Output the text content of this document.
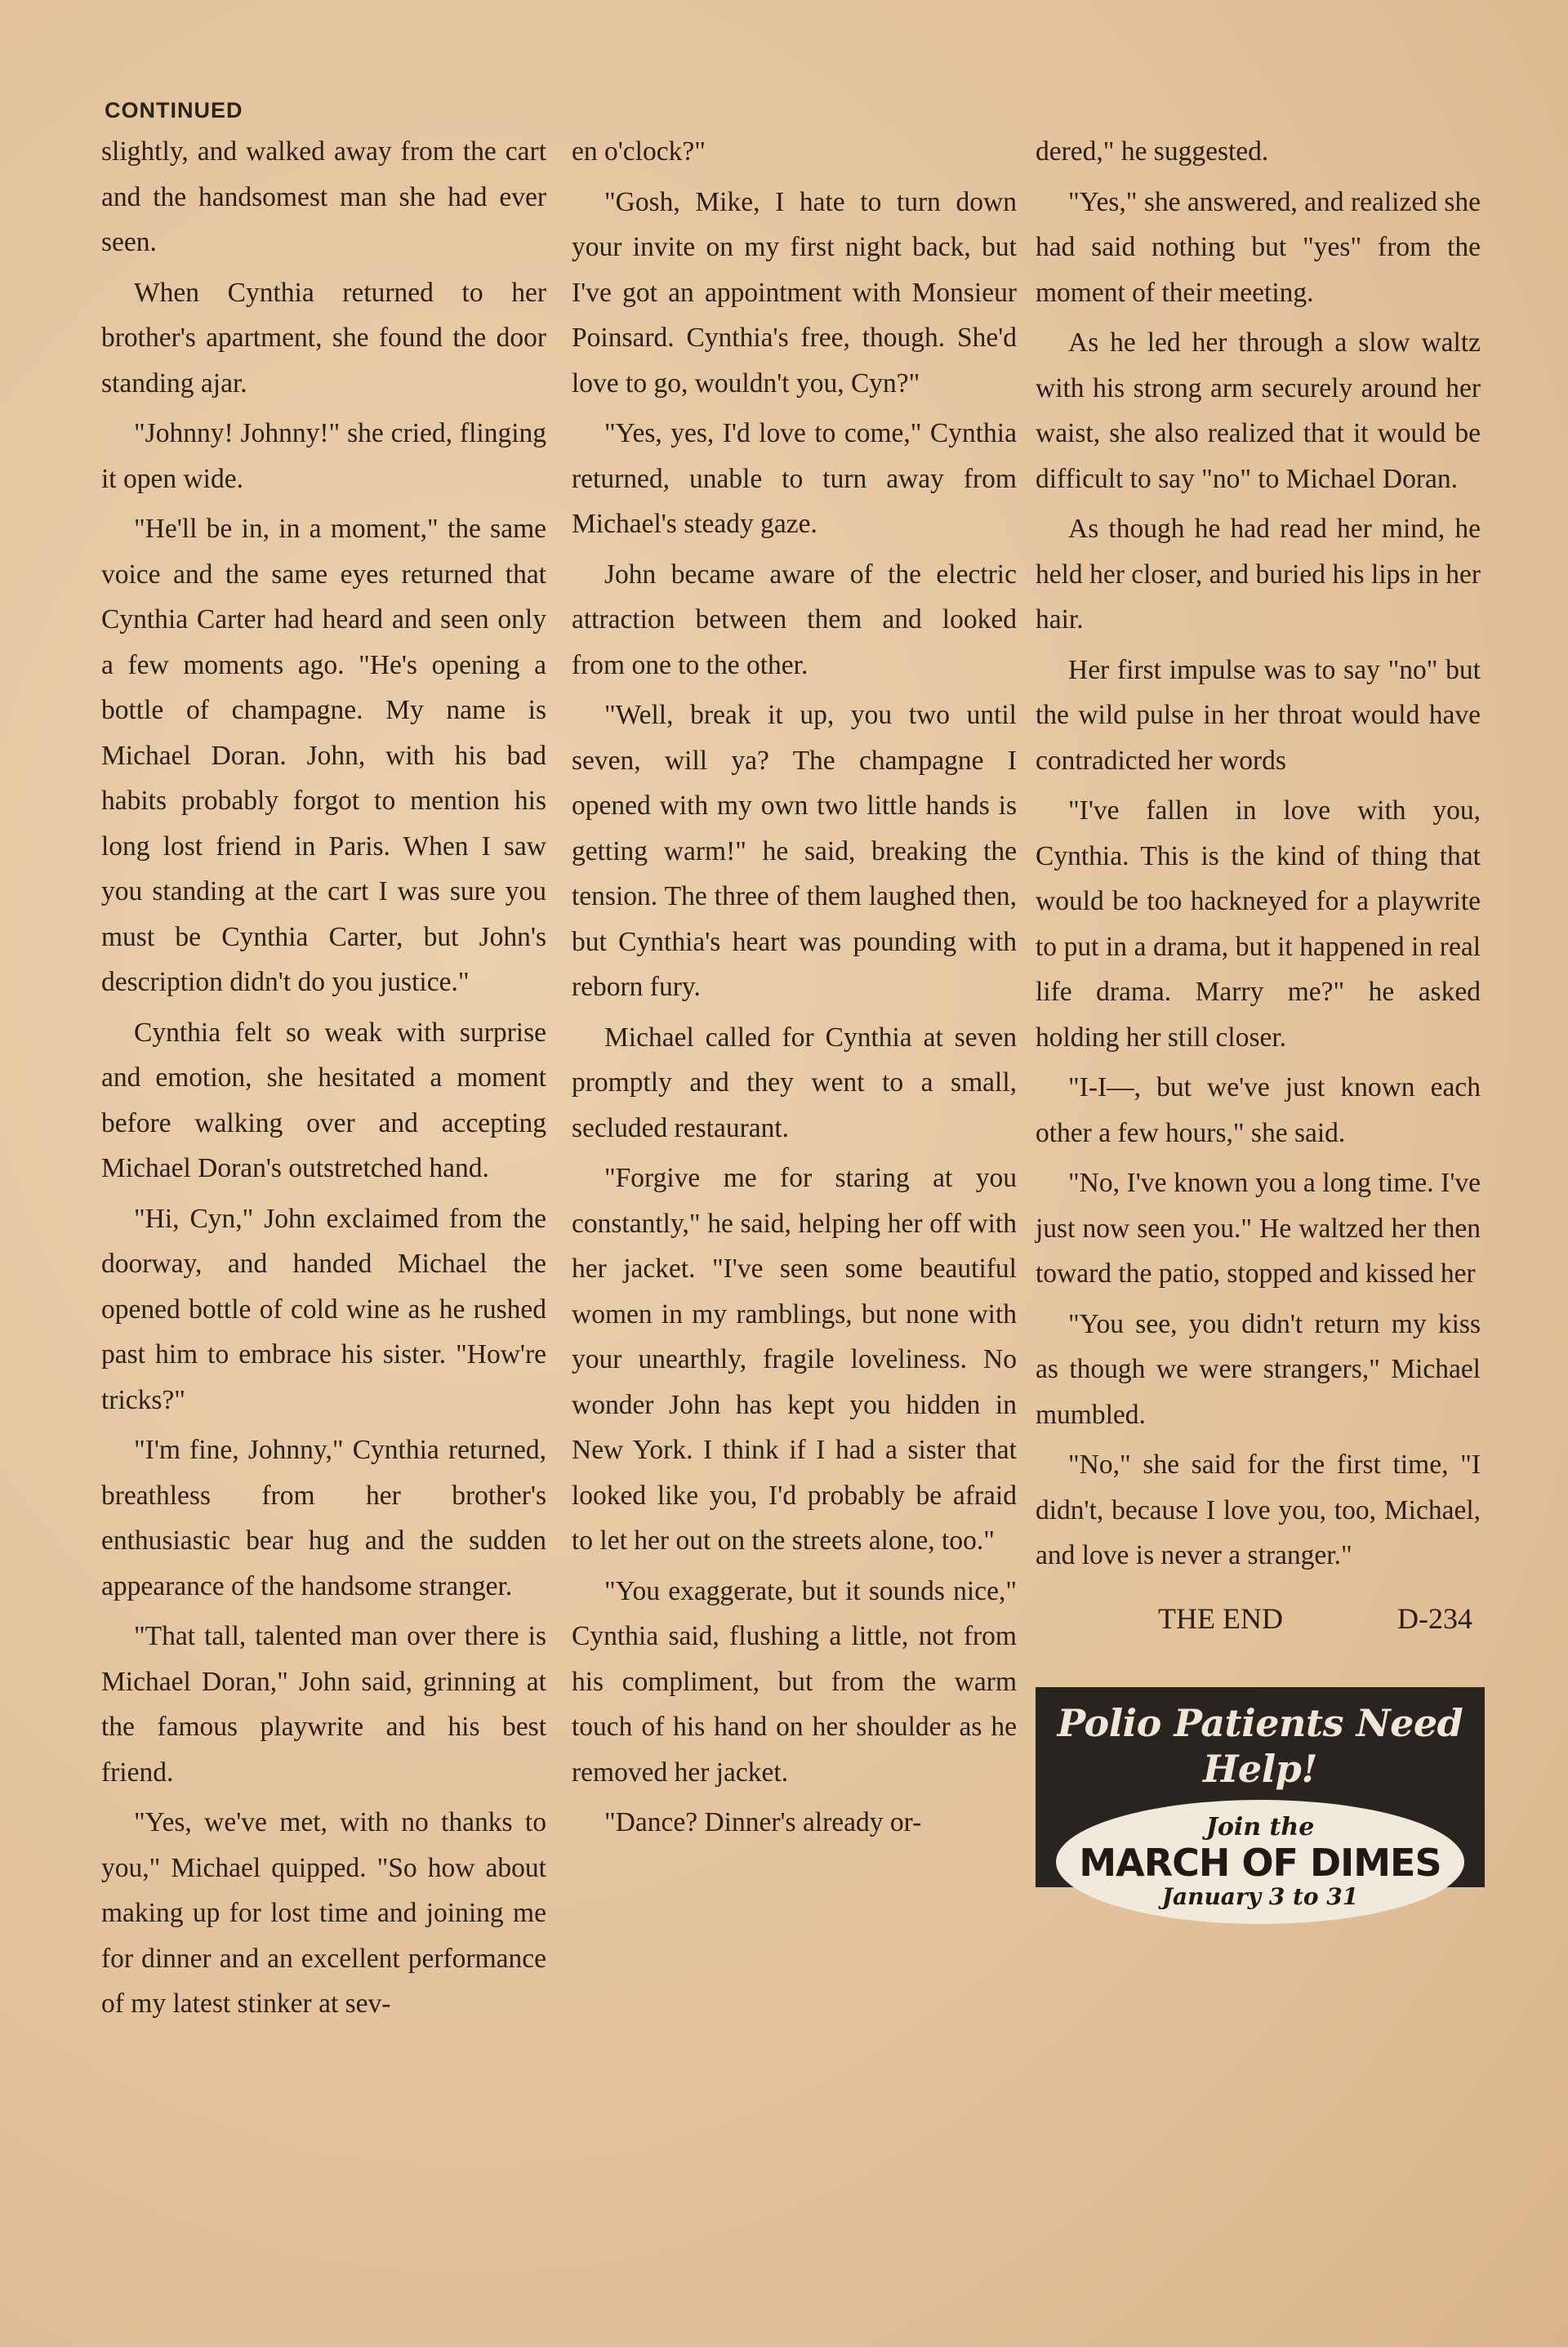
CONTINUED

slightly, and walked away from the cart and the handsomest man she had ever seen.

When Cynthia returned to her brother's apartment, she found the door standing ajar.

"Johnny! Johnny!" she cried, flinging it open wide.

"He'll be in, in a moment," the same voice and the same eyes returned that Cynthia Carter had heard and seen only a few moments ago. "He's opening a bottle of champagne. My name is Michael Doran. John, with his bad habits probably forgot to mention his long lost friend in Paris. When I saw you standing at the cart I was sure you must be Cynthia Carter, but John's description didn't do you justice."

Cynthia felt so weak with surprise and emotion, she hesitated a moment before walking over and accepting Michael Doran's outstretched hand.

"Hi, Cyn," John exclaimed from the doorway, and handed Michael the opened bottle of cold wine as he rushed past him to embrace his sister. "How're tricks?"

"I'm fine, Johnny," Cynthia returned, breathless from her brother's enthusiastic bear hug and the sudden appearance of the handsome stranger.

"That tall, talented man over there is Michael Doran," John said, grinning at the famous playwrite and his best friend.

"Yes, we've met, with no thanks to you," Michael quipped. "So how about making up for lost time and joining me for dinner and an excellent performance of my latest stinker at sev-

en o'clock?"

"Gosh, Mike, I hate to turn down your invite on my first night back, but I've got an appointment with Monsieur Poinsard. Cynthia's free, though. She'd love to go, wouldn't you, Cyn?"

"Yes, yes, I'd love to come," Cynthia returned, unable to turn away from Michael's steady gaze.

John became aware of the electric attraction between them and looked from one to the other.

"Well, break it up, you two until seven, will ya? The champagne I opened with my own two little hands is getting warm!" he said, breaking the tension. The three of them laughed then, but Cynthia's heart was pounding with reborn fury.

Michael called for Cynthia at seven promptly and they went to a small, secluded restaurant.

"Forgive me for staring at you constantly," he said, helping her off with her jacket. "I've seen some beautiful women in my ramblings, but none with your unearthly, fragile loveliness. No wonder John has kept you hidden in New York. I think if I had a sister that looked like you, I'd probably be afraid to let her out on the streets alone, too."

"You exaggerate, but it sounds nice," Cynthia said, flushing a little, not from his compliment, but from the warm touch of his hand on her shoulder as he removed her jacket.

"Dance? Dinner's already or-

dered," he suggested.

"Yes," she answered, and realized she had said nothing but "yes" from the moment of their meeting.

As he led her through a slow waltz with his strong arm securely around her waist, she also realized that it would be difficult to say "no" to Michael Doran.

As though he had read her mind, he held her closer, and buried his lips in her hair.

Her first impulse was to say "no" but the wild pulse in her throat would have contradicted her words

"I've fallen in love with you, Cynthia. This is the kind of thing that would be too hackneyed for a playwrite to put in a drama, but it happened in real life drama. Marry me?" he asked holding her still closer.

"I-I—, but we've just known each other a few hours," she said.

"No, I've known you a long time. I've just now seen you." He waltzed her then toward the patio, stopped and kissed her

"You see, you didn't return my kiss as though we were strangers," Michael mumbled.

"No," she said for the first time, "I didn't, because I love you, too, Michael, and love is never a stranger."

THE END	D-234
Polio Patients Need Help!
Join the
MARCH OF DIMES
January 3 to 31
